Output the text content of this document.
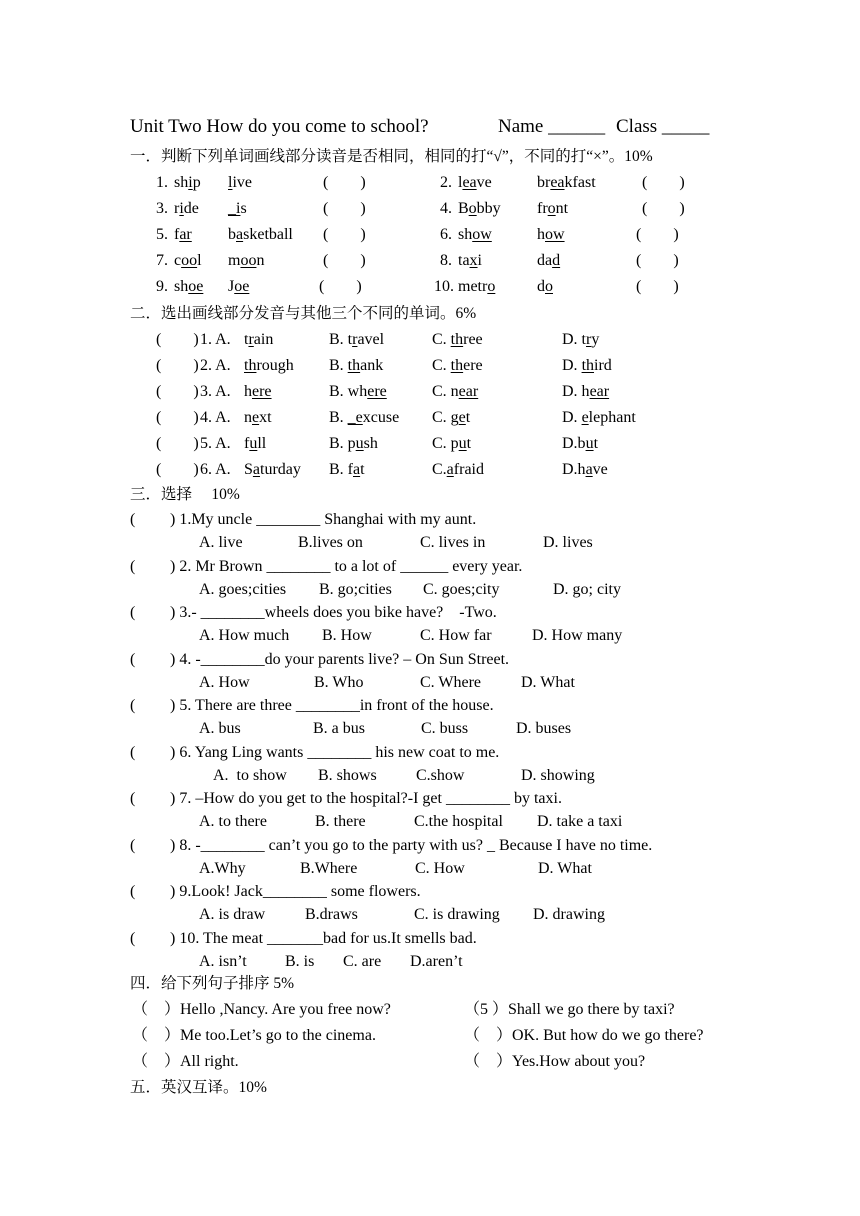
Unit Two How do you come to school?	Name ______ Class _____
一．判断下列单词画线部分读音是否相同，相同的打“√”，不同的打“×”。10%
1. ship live	(　　)	2. leave	breakfast	(　　)
3. ride _is	(　　)	4. Bobby front	(　　)
5. far basketball (　　)	6. show	how	(　　)
7. cool moon	(　　)	8. taxi	dad	(　　)
9. shoe Joe	(　　)	10. metro	do	(　　)
二．选出画线部分发音与其他三个不同的单词。6%
(　　) 1. A. train	B. travel	C. three	D. try
(　　) 2. A. through B. thank	C. there	D. third
(　　) 3. A. here	B. where	C. near	D. hear
(　　) 4. A. next	B. _excuse C. get	D. elephant
(　　) 5. A. full	B. push	C. put	D.but
(　　) 6. A. Saturday B. fat	C.afraid	D.have
三．选择　 10%
(　　 ) 1.My uncle ________ Shanghai with my aunt.
A. live	B.lives on	C. lives in	D. lives
(　　 ) 2. Mr Brown ________ to a lot of ______ every year.
A. goes;cities B. go;cities C. goes;city	D. go; city
(　　 ) 3.- ________wheels does you bike have?　-Two.
A. How much B. How	C. How far	D. How many
(　　 ) 4. -________do your parents live? – On Sun Street.
A. How	B. Who	C. Where D. What
(　　 ) 5. There are three ________in front of the house.
A. bus	B. a bus	C. buss	D. buses
(　　 ) 6. Yang Ling wants ________ his new coat to me.
A.  to show B. shows C.show	D. showing
(　　 ) 7. –How do you get to the hospital?-I get ________ by taxi.
A. to there	B. there	C.the hospital D. take a taxi
(　　 ) 8. -________ can’t you go to the party with us? _ Because I have no time.
A.Why	B.Where	C. How	D. What
(　　 ) 9.Look! Jack________ some flowers.
A. is draw B.draws	C. is drawing D. drawing
(　　 ) 10. The meat _______bad for us.It smells bad.
A. isn’t B. is C. are D.aren’t
四．给下列句子排序 5%
（　）Hello ,Nancy. Are you free now?	（5 ）Shall we go there by taxi?
（　）Me too.Let’s go to the cinema.	（　）OK. But how do we go there?
（　）All right.	（　）Yes.How about you?
五．英汉互译。10%
